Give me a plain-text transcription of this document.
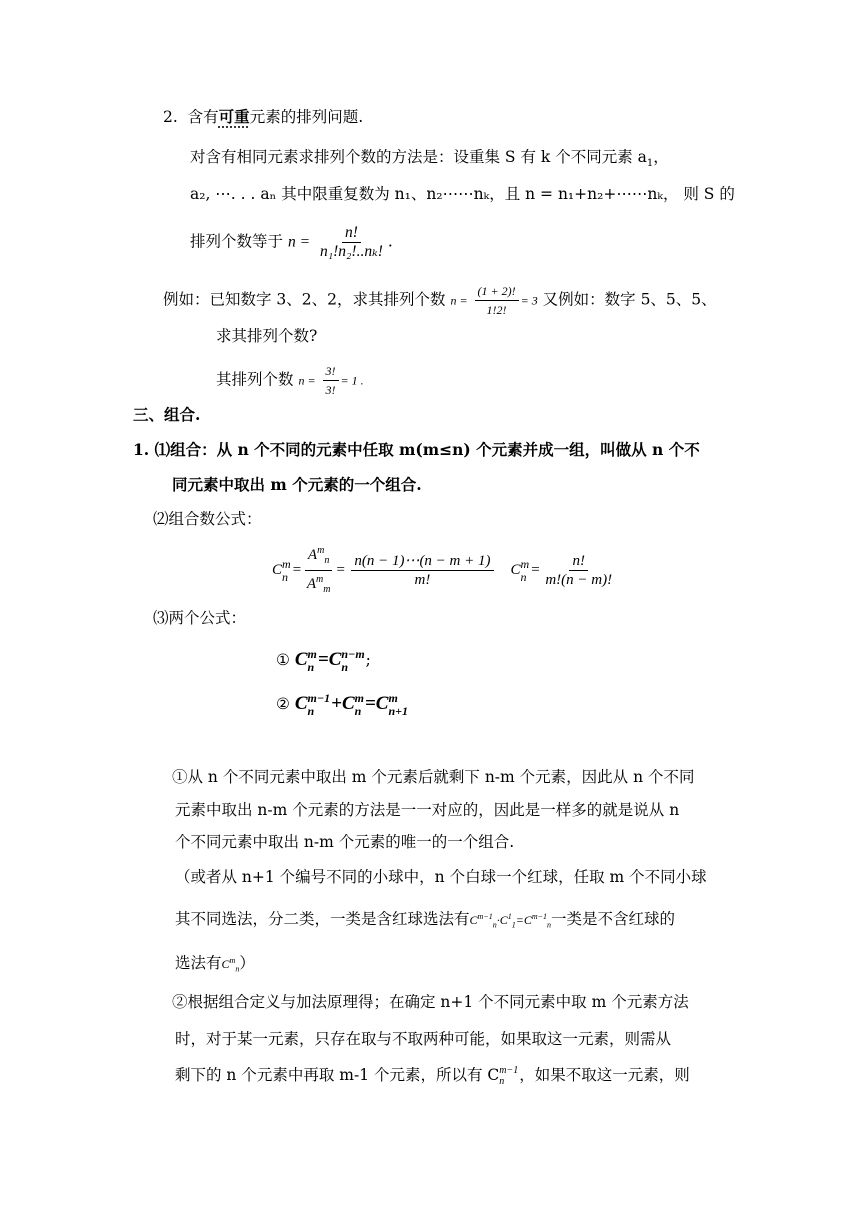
2. 含有可重元素的排列问题.
对含有相同元素求排列个数的方法是：设重集 S 有 k 个不同元素 $a_1$，
a₂, ⋯. . . aₙ 其中限重复数为 n₁、n₂⋯⋯nₖ，且 n = n₁+n₂+⋯⋯nₖ， 则 S 的
排列个数等于 $n = \frac{n!}{\text{n₁!n₂!..nₖ!}}$ .
例如：已知数字 3、2、2，求其排列个数 $n = \frac{(1 + 2)!}{1!2!} = 3$ 又例如：数字 5、5、5、
求其排列个数?
其排列个数 $n = \frac{3!}{3!} = 1$ .
三、组合.
1. ⑴组合：从 n 个不同的元素中任取 m(m≤n) 个元素并成一组，叫做从 n 个不
同元素中取出 m 个元素的一个组合.
⑵组合数公式：
C m
$n = \frac{A^m_n}{A^m_m} = \frac{n(n - 1)\cdots(n - m + 1)}{m!}$ C m
$n = \frac{n!}{m!(n - m)!}$
⑶两个公式：
① C m
n =C n−m
n	;
② C m−1
n +C m
n =C m
n+1
①从 n 个不同元素中取出 m 个元素后就剩下 n-m 个元素，因此从 n 个不同
元素中取出 n-m 个元素的方法是一一对应的，因此是一样多的就是说从 n
个不同元素中取出 n-m 个元素的唯一的一个组合.
（或者从 n+1 个编号不同的小球中，n 个白球一个红球，任取 m 个不同小球
其不同选法，分二类，一类是含红球选法有$C^{m-1}_n\cdot C^1_1=C^{m-1}_n$一类是不含红球的
选法有$C^m_n$）
②根据组合定义与加法原理得；在确定 n+1 个不同元素中取 m 个元素方法
时，对于某一元素，只存在取与不取两种可能，如果取这一元素，则需从
剩下的 n 个元素中再取 m-1 个元素，所以有 C m−1
n ，如果不取这一元素，则
